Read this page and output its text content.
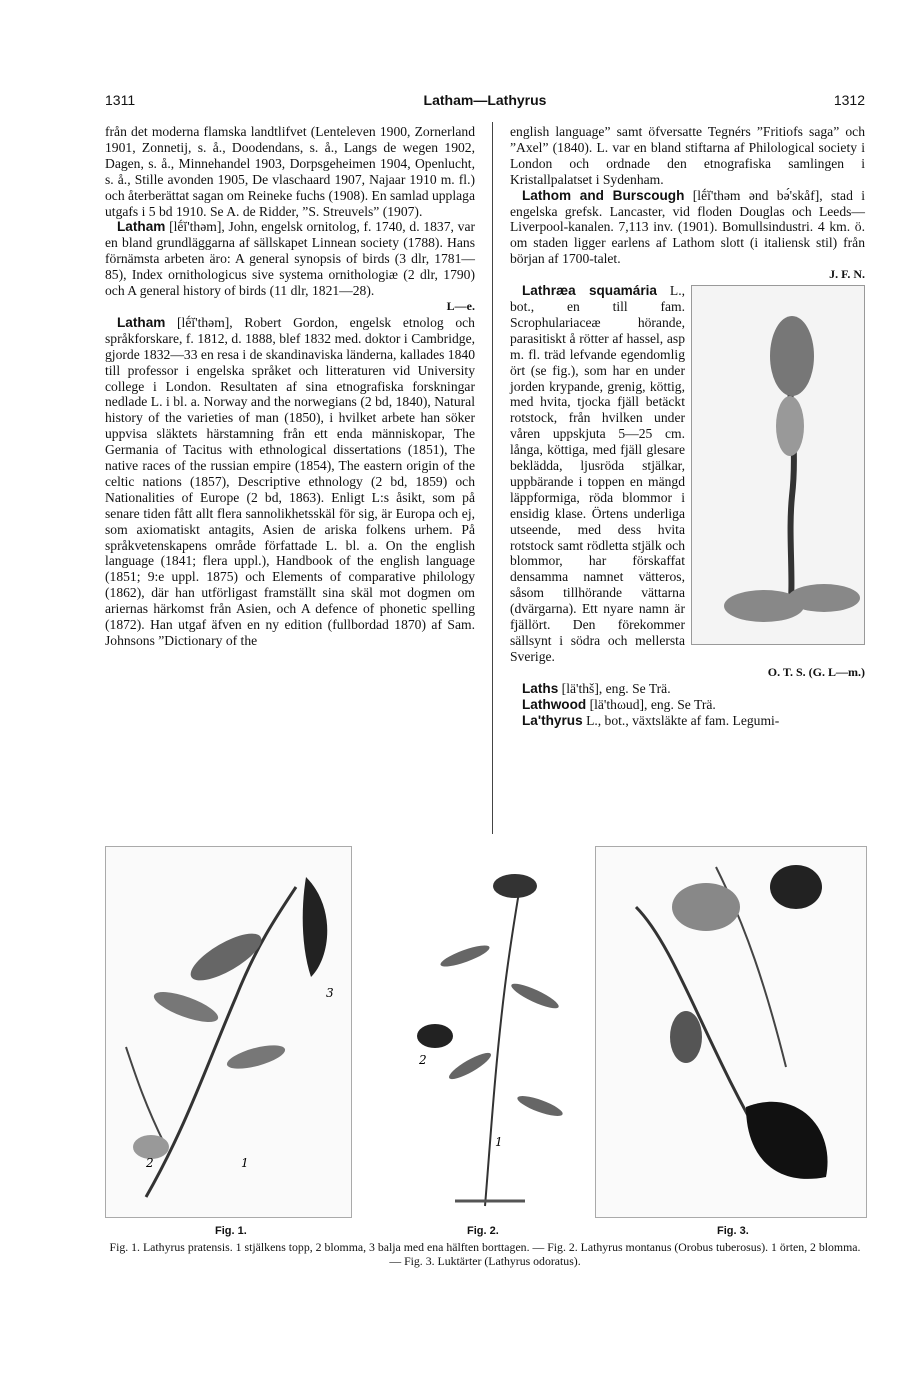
1311	Latham—Lathyrus	1312

från det moderna flamska landtlifvet (Lenteleven 1900, Zornerland 1901, Zonnetij, s. å., Doodendans, s. å., Langs de wegen 1902, Dagen, s. å., Minnehandel 1903, Dorpsgeheimen 1904, Openlucht, s. å., Stille avonden 1905, De vlaschaard 1907, Najaar 1910 m. fl.) och återberättat sagan om Reineke fuchs (1908). En samlad upplaga utgafs i 5 bd 1910. Se A. de Ridder, ”S. Streuvels” (1907).

Latham [lḗĭ'thəm], John, engelsk ornitolog, f. 1740, d. 1837, var en bland grundläggarna af sällskapet Linnean society (1788). Hans förnämsta arbeten äro: A general synopsis of birds (3 dlr, 1781—85), Index ornithologicus sive systema ornithologiæ (2 dlr, 1790) och A general history of birds (11 dlr, 1821—28).
L—e.

Latham [lḗĭ'thəm], Robert Gordon, engelsk etnolog och språkforskare, f. 1812, d. 1888, blef 1832 med. doktor i Cambridge, gjorde 1832—33 en resa i de skandinaviska länderna, kallades 1840 till professor i engelska språket och litteraturen vid University college i London. Resultaten af sina etnografiska forskningar nedlade L. i bl. a. Norway and the norwegians (2 bd, 1840), Natural history of the varieties of man (1850), i hvilket arbete han söker uppvisa släktets härstamning från ett enda människopar, The Germania of Tacitus with ethnological dissertations (1851), The native races of the russian empire (1854), The eastern origin of the celtic nations (1857), Descriptive ethnology (2 bd, 1859) och Nationalities of Europe (2 bd, 1863). Enligt L:s åsikt, som på senare tiden fått allt flera sannolikhetsskäl för sig, är Europa och ej, som axiomatiskt antagits, Asien de ariska folkens urhem. På språkvetenskapens område författade L. bl. a. On the english language (1841; flera uppl.), Handbook of the english language (1851; 9:e uppl. 1875) och Elements of comparative philology (1862), där han utförligast framställt sina skäl mot dogmen om ariernas härkomst från Asien, och A defence of phonetic spelling (1872). Han utgaf äfven en ny edition (fullbordad 1870) af Sam. Johnsons ”Dictionary of the

english language” samt öfversatte Tegnérs ”Fritiofs saga” och ”Axel” (1840). L. var en bland stiftarna af Philological society i London och ordnade den etnografiska samlingen i Kristallpalatset i Sydenham.

Lathom and Burscough [lḗĭ'thəm ənd bə́'skåf], stad i engelska grefsk. Lancaster, vid floden Douglas och Leeds—Liverpool-kanalen. 7,113 inv. (1901). Bomullsindustri. 4 km. ö. om staden ligger earlens af Lathom slott (i italiensk stil) från början af 1700-talet.
J. F. N.

Lathræa squamária L., bot., en till fam. Scrophulariaceæ hörande, parasitiskt å rötter af hassel, asp m. fl. träd lefvande egendomlig ört (se fig.), som har en under jorden krypande, grenig, köttig, med hvita, tjocka fjäll betäckt rotstock, från hvilken under våren uppskjuta 5—25 cm. långa, köttiga, med fjäll glesare beklädda, ljusröda stjälkar, uppbärande i toppen en mängd läppformiga, röda blommor i ensidig klase. Örtens underliga utseende, med dess hvita rotstock samt rödletta stjälk och blommor, har förskaffat densamma namnet vätteros, såsom tillhörande vättarna (dvärgarna). Ett nyare namn är fjällört. Den förekommer sällsynt i södra och mellersta Sverige.
O. T. S. (G. L—m.)

Laths [lä'thš], eng. Se Trä.

Lathwood [lä'thωud], eng. Se Trä.

La'thyrus L., bot., växtsläkte af fam. Legumi-

2	1
3
2
1
Fig. 1.	Fig. 2.	Fig. 3.
Fig. 1. Lathyrus pratensis. 1 stjälkens topp, 2 blomma, 3 balja med ena hälften borttagen. — Fig. 2. Lathyrus montanus (Orobus tuberosus). 1 örten, 2 blomma. — Fig. 3. Luktärter (Lathyrus odoratus).
